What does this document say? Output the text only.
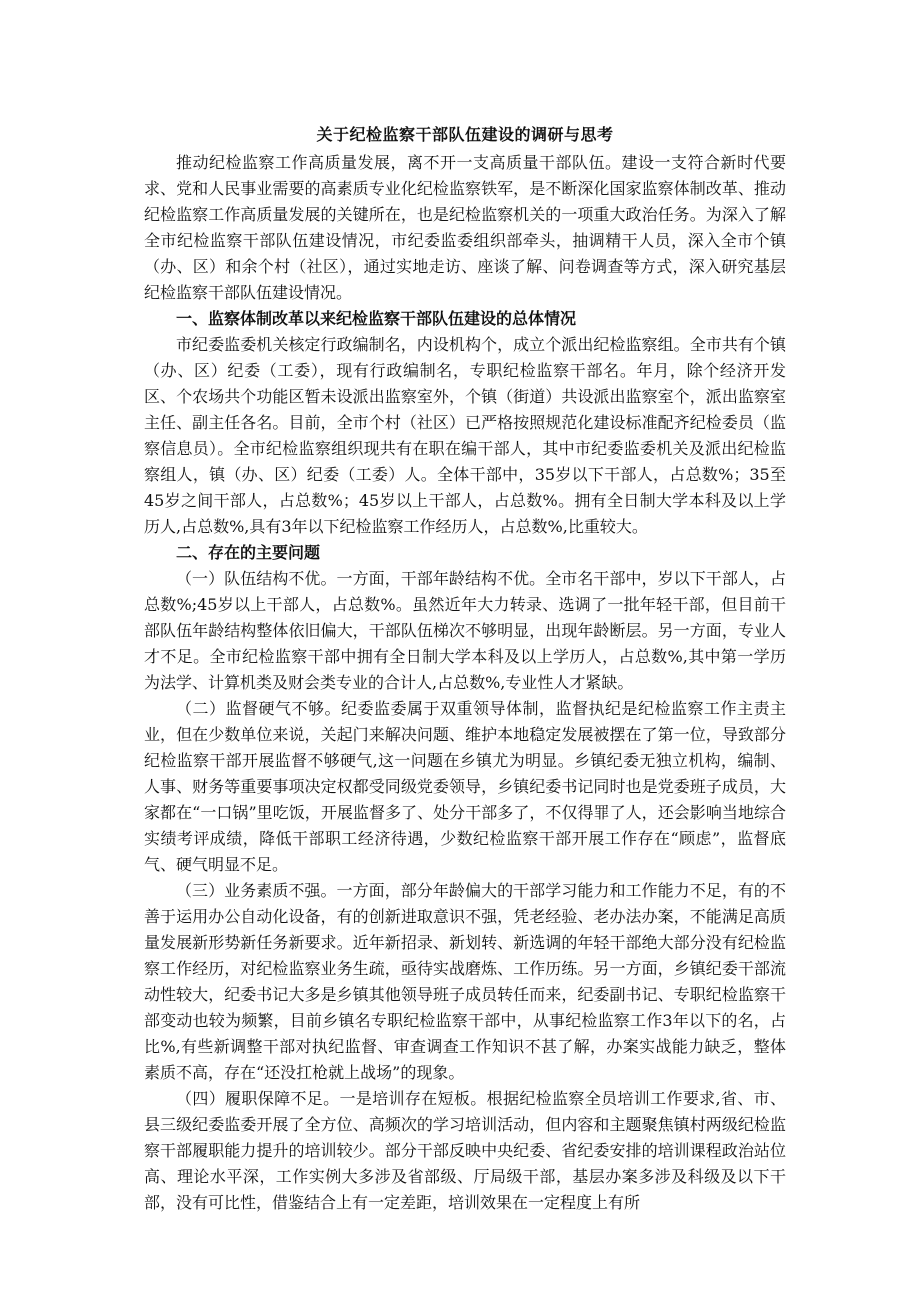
关于纪检监察干部队伍建设的调研与思考

推动纪检监察工作高质量发展，离不开一支高质量干部队伍。建设一支符合新时代要求、党和人民事业需要的高素质专业化纪检监察铁军，是不断深化国家监察体制改革、推动纪检监察工作高质量发展的关键所在，也是纪检监察机关的一项重大政治任务。为深入了解全市纪检监察干部队伍建设情况，市纪委监委组织部牵头，抽调精干人员，深入全市个镇（办、区）和余个村（社区），通过实地走访、座谈了解、问卷调查等方式，深入研究基层纪检监察干部队伍建设情况。

一、监察体制改革以来纪检监察干部队伍建设的总体情况

市纪委监委机关核定行政编制名，内设机构个，成立个派出纪检监察组。全市共有个镇（办、区）纪委（工委），现有行政编制名，专职纪检监察干部名。年月，除个经济开发区、个农场共个功能区暂未设派出监察室外，个镇（街道）共设派出监察室个，派出监察室主任、副主任各名。目前，全市个村（社区）已严格按照规范化建设标准配齐纪检委员（监察信息员）。全市纪检监察组织现共有在职在编干部人，其中市纪委监委机关及派出纪检监察组人，镇（办、区）纪委（工委）人。全体干部中，35岁以下干部人，占总数%；35至45岁之间干部人，占总数%；45岁以上干部人，占总数%。拥有全日制大学本科及以上学历人,占总数%,具有3年以下纪检监察工作经历人，占总数%,比重较大。

二、存在的主要问题

（一）队伍结构不优。一方面，干部年龄结构不优。全市名干部中，岁以下干部人，占总数%;45岁以上干部人，占总数%。虽然近年大力转录、选调了一批年轻干部，但目前干部队伍年龄结构整体依旧偏大，干部队伍梯次不够明显，出现年龄断层。另一方面，专业人才不足。全市纪检监察干部中拥有全日制大学本科及以上学历人，占总数%,其中第一学历为法学、计算机类及财会类专业的合计人,占总数%,专业性人才紧缺。

（二）监督硬气不够。纪委监委属于双重领导体制，监督执纪是纪检监察工作主责主业，但在少数单位来说，关起门来解决问题、维护本地稳定发展被摆在了第一位，导致部分纪检监察干部开展监督不够硬气,这一问题在乡镇尤为明显。乡镇纪委无独立机构，编制、人事、财务等重要事项决定权都受同级党委领导，乡镇纪委书记同时也是党委班子成员，大家都在“一口锅”里吃饭，开展监督多了、处分干部多了，不仅得罪了人，还会影响当地综合实绩考评成绩，降低干部职工经济待遇，少数纪检监察干部开展工作存在“顾虑”，监督底气、硬气明显不足。

（三）业务素质不强。一方面，部分年龄偏大的干部学习能力和工作能力不足，有的不善于运用办公自动化设备，有的创新进取意识不强，凭老经验、老办法办案，不能满足高质量发展新形势新任务新要求。近年新招录、新划转、新选调的年轻干部绝大部分没有纪检监察工作经历，对纪检监察业务生疏，亟待实战磨炼、工作历练。另一方面，乡镇纪委干部流动性较大，纪委书记大多是乡镇其他领导班子成员转任而来，纪委副书记、专职纪检监察干部变动也较为频繁，目前乡镇名专职纪检监察干部中，从事纪检监察工作3年以下的名，占比%,有些新调整干部对执纪监督、审查调查工作知识不甚了解，办案实战能力缺乏，整体素质不高，存在“还没扛枪就上战场”的现象。

（四）履职保障不足。一是培训存在短板。根据纪检监察全员培训工作要求,省、市、县三级纪委监委开展了全方位、高频次的学习培训活动，但内容和主题聚焦镇村两级纪检监察干部履职能力提升的培训较少。部分干部反映中央纪委、省纪委安排的培训课程政治站位高、理论水平深，工作实例大多涉及省部级、厅局级干部，基层办案多涉及科级及以下干部，没有可比性，借鉴结合上有一定差距，培训效果在一定程度上有所
